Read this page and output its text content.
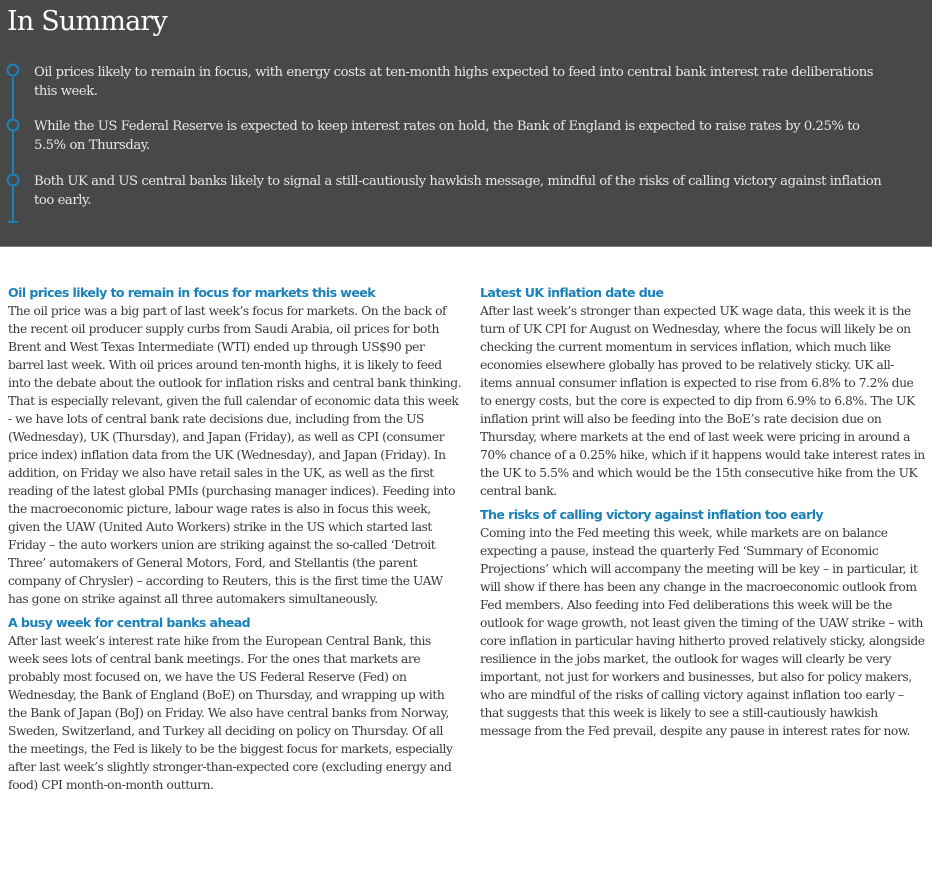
In Summary

Oil prices likely to remain in focus, with energy costs at ten-month highs expected to feed into central bank interest rate deliberations this week.

While the US Federal Reserve is expected to keep interest rates on hold, the Bank of England is expected to raise rates by 0.25% to 5.5% on Thursday.

Both UK and US central banks likely to signal a still-cautiously hawkish message, mindful of the risks of calling victory against inflation too early.

Oil prices likely to remain in focus for markets this week

The oil price was a big part of last week’s focus for markets. On the back of the recent oil producer supply curbs from Saudi Arabia, oil prices for both Brent and West Texas Intermediate (WTI) ended up through US$90 per barrel last week. With oil prices around ten-month highs, it is likely to feed into the debate about the outlook for inflation risks and central bank thinking. That is especially relevant, given the full calendar of economic data this week - we have lots of central bank rate decisions due, including from the US (Wednesday), UK (Thursday), and Japan (Friday), as well as CPI (consumer price index) inflation data from the UK (Wednesday), and Japan (Friday). In addition, on Friday we also have retail sales in the UK, as well as the first reading of the latest global PMIs (purchasing manager indices). Feeding into the macroeconomic picture, labour wage rates is also in focus this week, given the UAW (United Auto Workers) strike in the US which started last Friday – the auto workers union are striking against the so-called ‘Detroit Three’ automakers of General Motors, Ford, and Stellantis (the parent company of Chrysler) – according to Reuters, this is the first time the UAW has gone on strike against all three automakers simultaneously.

A busy week for central banks ahead

After last week’s interest rate hike from the European Central Bank, this week sees lots of central bank meetings. For the ones that markets are probably most focused on, we have the US Federal Reserve (Fed) on Wednesday, the Bank of England (BoE) on Thursday, and wrapping up with the Bank of Japan (BoJ) on Friday. We also have central banks from Norway, Sweden, Switzerland, and Turkey all deciding on policy on Thursday. Of all the meetings, the Fed is likely to be the biggest focus for markets, especially after last week’s slightly stronger-than-expected core (excluding energy and food) CPI month-on-month outturn.

Latest UK inflation date due

After last week’s stronger than expected UK wage data, this week it is the turn of UK CPI for August on Wednesday, where the focus will likely be on checking the current momentum in services inflation, which much like economies elsewhere globally has proved to be relatively sticky. UK all-items annual consumer inflation is expected to rise from 6.8% to 7.2% due to energy costs, but the core is expected to dip from 6.9% to 6.8%. The UK inflation print will also be feeding into the BoE’s rate decision due on Thursday, where markets at the end of last week were pricing in around a 70% chance of a 0.25% hike, which if it happens would take interest rates in the UK to 5.5% and which would be the 15th consecutive hike from the UK central bank.

The risks of calling victory against inflation too early

Coming into the Fed meeting this week, while markets are on balance expecting a pause, instead the quarterly Fed ‘Summary of Economic Projections’ which will accompany the meeting will be key – in particular, it will show if there has been any change in the macroeconomic outlook from Fed members. Also feeding into Fed deliberations this week will be the outlook for wage growth, not least given the timing of the UAW strike – with core inflation in particular having hitherto proved relatively sticky, alongside resilience in the jobs market, the outlook for wages will clearly be very important, not just for workers and businesses, but also for policy makers, who are mindful of the risks of calling victory against inflation too early – that suggests that this week is likely to see a still-cautiously hawkish message from the Fed prevail, despite any pause in interest rates for now.
